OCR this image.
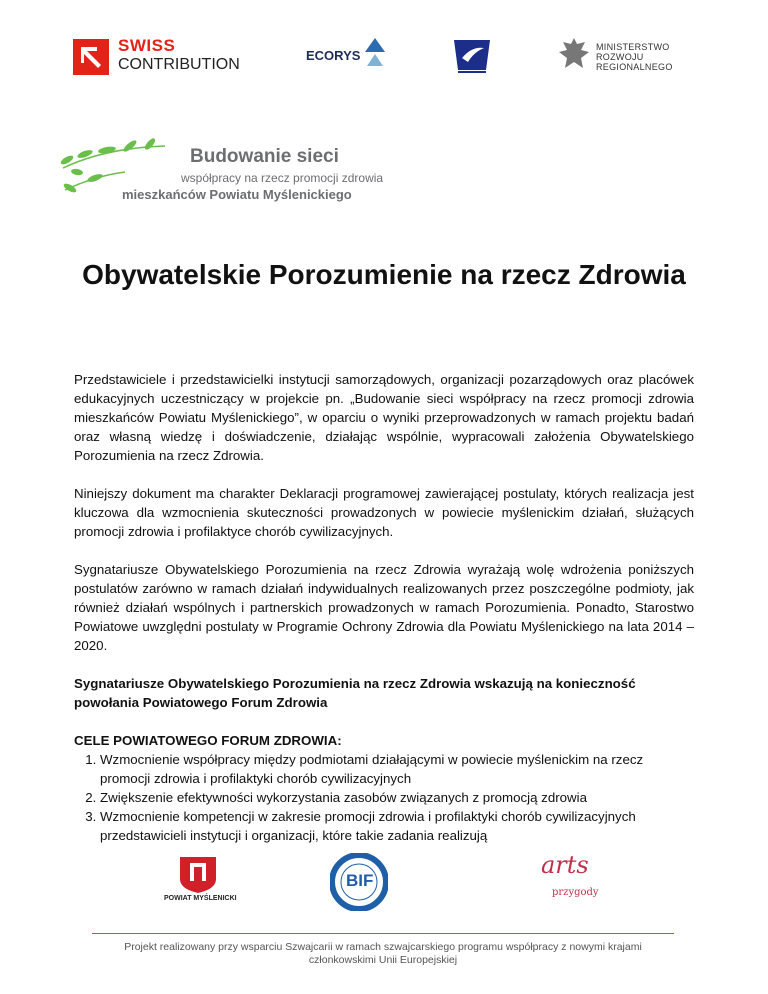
SWISS
CONTRIBUTION
ECORYS
MINISTERSTWO
ROZWOJU
REGIONALNEGO
Budowanie sieci
współpracy na rzecz promocji zdrowia
mieszkańców Powiatu Myślenickiego
Obywatelskie Porozumienie na rzecz Zdrowia

Przedstawiciele i przedstawicielki instytucji samorządowych, organizacji pozarządowych oraz placówek edukacyjnych uczestniczący w projekcie pn. „Budowanie sieci współpracy na rzecz promocji zdrowia mieszkańców Powiatu Myślenickiego”, w oparciu o wyniki przeprowadzonych w ramach projektu badań oraz własną wiedzę i doświadczenie, działając wspólnie, wypracowali założenia Obywatelskiego Porozumienia na rzecz Zdrowia.

Niniejszy dokument ma charakter Deklaracji programowej zawierającej postulaty, których realizacja jest kluczowa dla wzmocnienia skuteczności prowadzonych w powiecie myślenickim działań, służących promocji zdrowia i profilaktyce chorób cywilizacyjnych.

Sygnatariusze Obywatelskiego Porozumienia na rzecz Zdrowia wyrażają wolę wdrożenia poniższych postulatów zarówno w ramach działań indywidualnych realizowanych przez poszczególne podmioty, jak również działań wspólnych i partnerskich prowadzonych w ramach Porozumienia. Ponadto, Starostwo Powiatowe uwzględni postulaty w Programie Ochrony Zdrowia dla Powiatu Myślenickiego na lata 2014 – 2020.

Sygnatariusze Obywatelskiego Porozumienia na rzecz Zdrowia wskazują na konieczność powołania Powiatowego Forum Zdrowia

CELE POWIATOWEGO FORUM ZDROWIA:
1. Wzmocnienie współpracy między podmiotami działającymi w powiecie myślenickim na rzecz promocji zdrowia i profilaktyki chorób cywilizacyjnych
2. Zwiększenie efektywności wykorzystania zasobów związanych z promocją zdrowia
3. Wzmocnienie kompetencji w zakresie promocji zdrowia i profilaktyki chorób cywilizacyjnych przedstawicieli instytucji i organizacji, które takie zadania realizują
POWIAT MYŚLENICKI
BIF
arts
przygody
Projekt realizowany przy wsparciu Szwajcarii w ramach szwajcarskiego programu współpracy z nowymi krajami członkowskimi Unii Europejskiej
